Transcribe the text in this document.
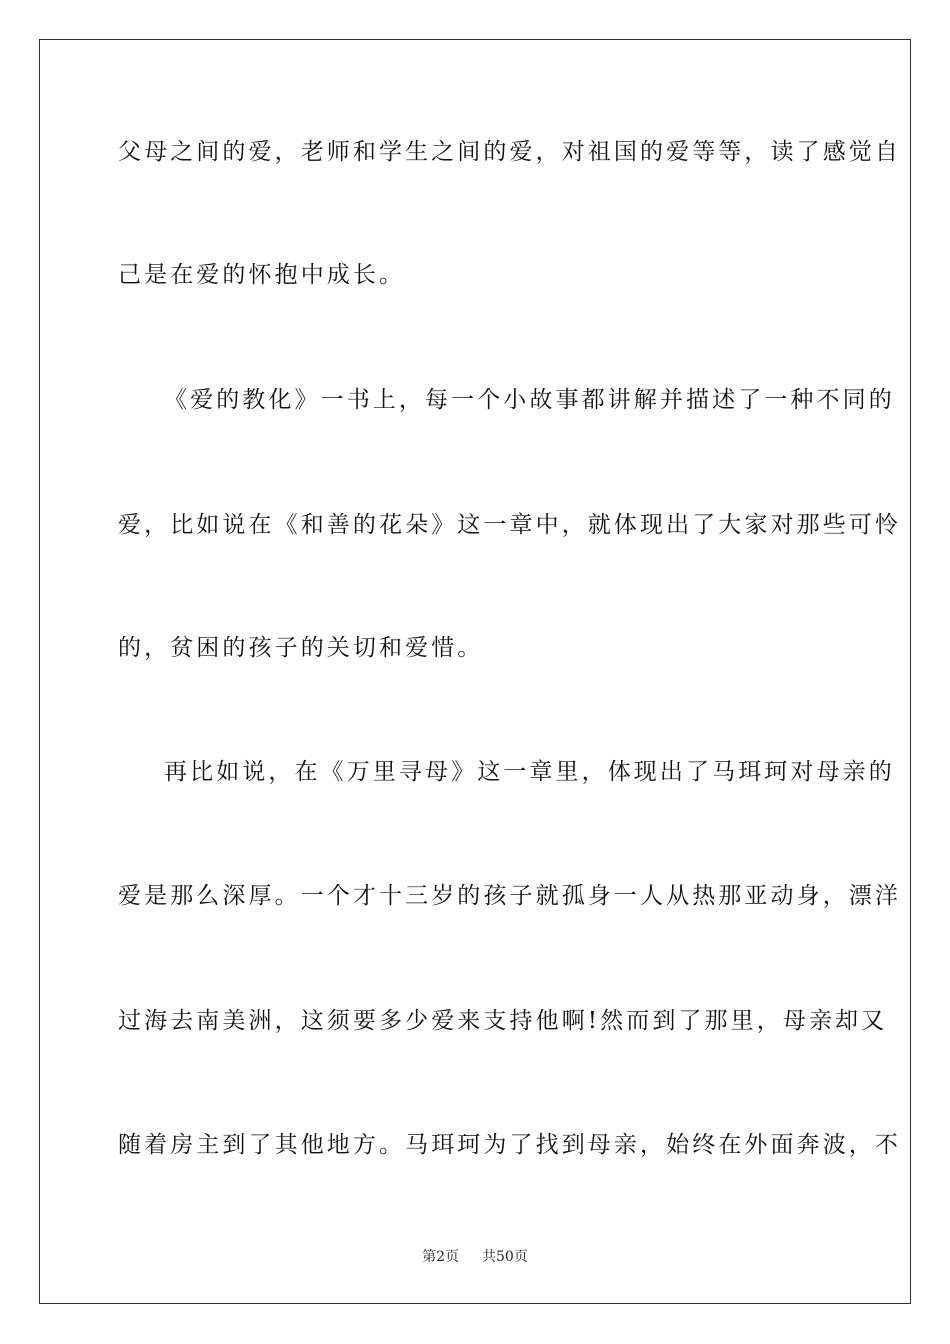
父母之间的爱，老师和学生之间的爱，对祖国的爱等等，读了感觉自
己是在爱的怀抱中成长。
《爱的教化》一书上，每一个小故事都讲解并描述了一种不同的
爱，比如说在《和善的花朵》这一章中，就体现出了大家对那些可怜
的，贫困的孩子的关切和爱惜。
再比如说，在《万里寻母》这一章里，体现出了马珥珂对母亲的
爱是那么深厚。一个才十三岁的孩子就孤身一人从热那亚动身，漂洋
过海去南美洲，这须要多少爱来支持他啊!然而到了那里，母亲却又
随着房主到了其他地方。马珥珂为了找到母亲，始终在外面奔波，不
第2页 共50页
